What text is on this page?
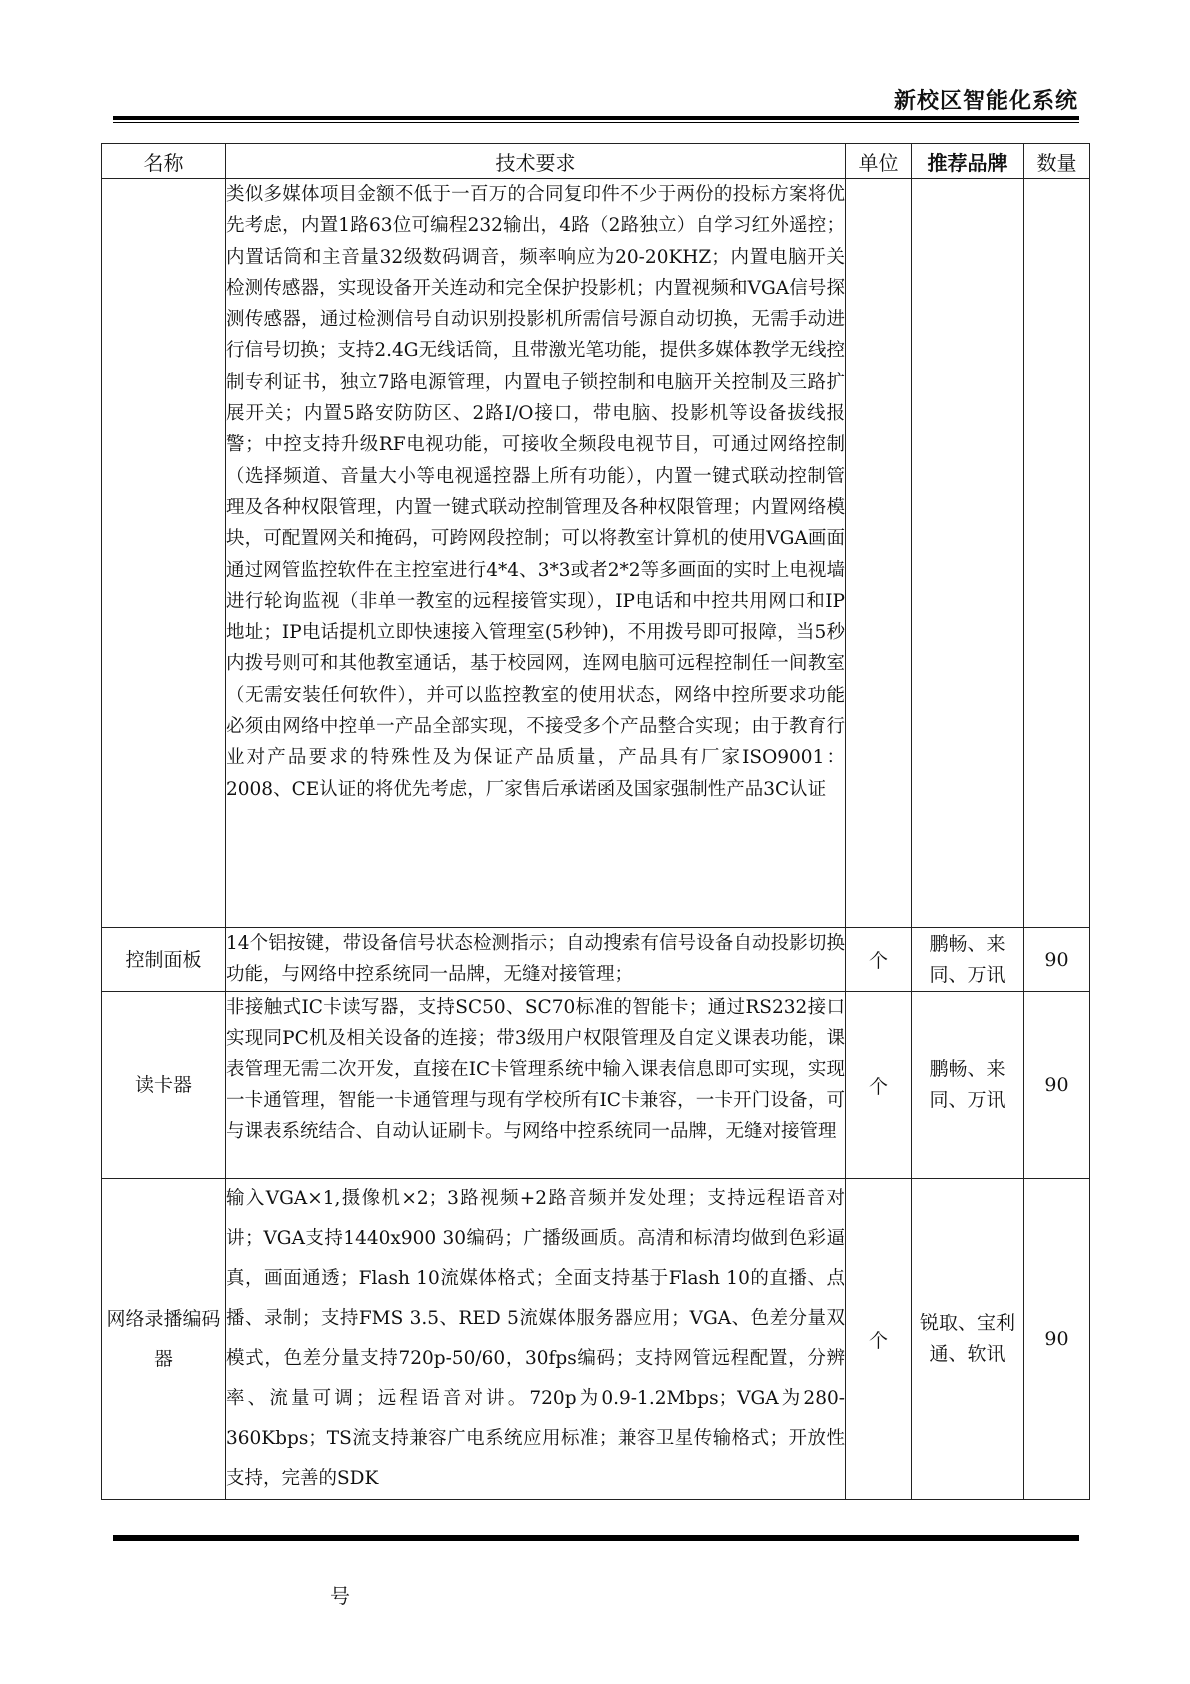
新校区智能化系统
名称	技术要求	单位	推荐品牌	数量
	类似多媒体项目金额不低于一百万的合同复印件不少于两份的投标方案将优先考虑，内置1路63位可编程232输出，4路（2路独立）自学习红外遥控；内置话筒和主音量32级数码调音，频率响应为20-20KHZ；内置电脑开关检测传感器，实现设备开关连动和完全保护投影机；内置视频和VGA信号探测传感器，通过检测信号自动识别投影机所需信号源自动切换，无需手动进行信号切换；支持2.4G无线话筒，且带激光笔功能，提供多媒体教学无线控制专利证书，独立7路电源管理，内置电子锁控制和电脑开关控制及三路扩展开关；内置5路安防防区、2路I/O接口，带电脑、投影机等设备拔线报警；中控支持升级RF电视功能，可接收全频段电视节目，可通过网络控制（选择频道、音量大小等电视遥控器上所有功能），内置一键式联动控制管理及各种权限管理，内置一键式联动控制管理及各种权限管理；内置网络模块，可配置网关和掩码，可跨网段控制；可以将教室计算机的使用VGA画面通过网管监控软件在主控室进行4*4、3*3或者2*2等多画面的实时上电视墙进行轮询监视（非单一教室的远程接管实现），IP电话和中控共用网口和IP地址；IP电话提机立即快速接入管理室(5秒钟)，不用拨号即可报障，当5秒内拨号则可和其他教室通话，基于校园网，连网电脑可远程控制任一间教室（无需安装任何软件），并可以监控教室的使用状态，网络中控所要求功能必须由网络中控单一产品全部实现，不接受多个产品整合实现；由于教育行业对产品要求的特殊性及为保证产品质量，产品具有厂家ISO9001：2008、CE认证的将优先考虑，厂家售后承诺函及国家强制性产品3C认证			
控制面板	14个铝按键，带设备信号状态检测指示；自动搜索有信号设备自动投影切换功能，与网络中控系统同一品牌，无缝对接管理；	个	鹏畅、来同、万讯	90
读卡器	非接触式IC卡读写器，支持SC50、SC70标准的智能卡；通过RS232接口实现同PC机及相关设备的连接；带3级用户权限管理及自定义课表功能，课表管理无需二次开发，直接在IC卡管理系统中输入课表信息即可实现，实现一卡通管理，智能一卡通管理与现有学校所有IC卡兼容，一卡开门设备，可与课表系统结合、自动认证刷卡。与网络中控系统同一品牌，无缝对接管理	个	鹏畅、来同、万讯	90
网络录播编码器	输入VGA×1,摄像机×2；3路视频+2路音频并发处理；支持远程语音对讲；VGA支持1440x900 30编码；广播级画质。高清和标清均做到色彩逼真，画面通透；Flash 10流媒体格式；全面支持基于Flash 10的直播、点播、录制；支持FMS 3.5、RED 5流媒体服务器应用；VGA、色差分量双模式，色差分量支持720p-50/60，30fps编码；支持网管远程配置，分辨率、流量可调；远程语音对讲。720p为0.9-1.2Mbps；VGA为280-360Kbps；TS流支持兼容广电系统应用标准；兼容卫星传输格式；开放性支持，完善的SDK	个	锐取、宝利通、软讯	90
号
